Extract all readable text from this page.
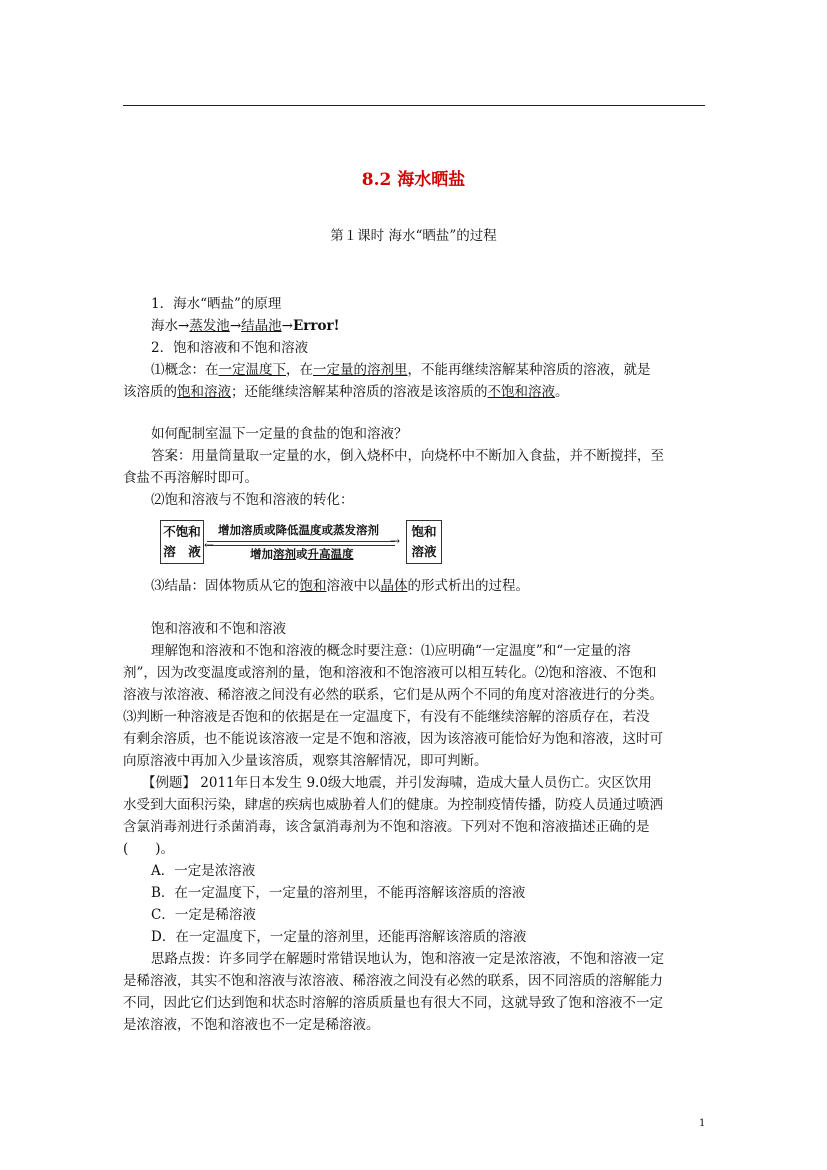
8.2 海水晒盐
第１课时 海水“晒盐”的过程
1．海水“晒盐”的原理
海水→蒸发池→结晶池→Error!
2．饱和溶液和不饱和溶液
⑴概念：在一定温度下，在一定量的溶剂里，不能再继续溶解某种溶质的溶液，就是
该溶质的饱和溶液；还能继续溶解某种溶质的溶液是该溶质的不饱和溶液。
如何配制室温下一定量的食盐的饱和溶液？
答案：用量筒量取一定量的水，倒入烧杯中，向烧杯中不断加入食盐，并不断搅拌，至
食盐不再溶解时即可。
⑵饱和溶液与不饱和溶液的转化：
不饱和
溶　液
增加溶质或降低温度或蒸发溶剂
→
←
增加溶剂或升高温度
饱和
溶液
⑶结晶：固体物质从它的饱和溶液中以晶体的形式析出的过程。
饱和溶液和不饱和溶液
理解饱和溶液和不饱和溶液的概念时要注意：⑴应明确“一定温度”和“一定量的溶
剂”，因为改变温度或溶剂的量，饱和溶液和不饱溶液可以相互转化。⑵饱和溶液、不饱和
溶液与浓溶液、稀溶液之间没有必然的联系，它们是从两个不同的角度对溶液进行的分类。
⑶判断一种溶液是否饱和的依据是在一定温度下，有没有不能继续溶解的溶质存在，若没
有剩余溶质，也不能说该溶液一定是不饱和溶液，因为该溶液可能恰好为饱和溶液，这时可
向原溶液中再加入少量该溶质，观察其溶解情况，即可判断。
【例题】 2011年日本发生 9.0级大地震，并引发海啸，造成大量人员伤亡。灾区饮用
水受到大面积污染，肆虐的疾病也威胁着人们的健康。为控制疫情传播，防疫人员通过喷洒
含氯消毒剂进行杀菌消毒，该含氯消毒剂为不饱和溶液。下列对不饱和溶液描述正确的是
(　　)。
A．一定是浓溶液
B．在一定温度下，一定量的溶剂里，不能再溶解该溶质的溶液
C．一定是稀溶液
D．在一定温度下，一定量的溶剂里，还能再溶解该溶质的溶液
思路点拨：许多同学在解题时常错误地认为，饱和溶液一定是浓溶液，不饱和溶液一定
是稀溶液，其实不饱和溶液与浓溶液、稀溶液之间没有必然的联系，因不同溶质的溶解能力
不同，因此它们达到饱和状态时溶解的溶质质量也有很大不同，这就导致了饱和溶液不一定
是浓溶液，不饱和溶液也不一定是稀溶液。
1
